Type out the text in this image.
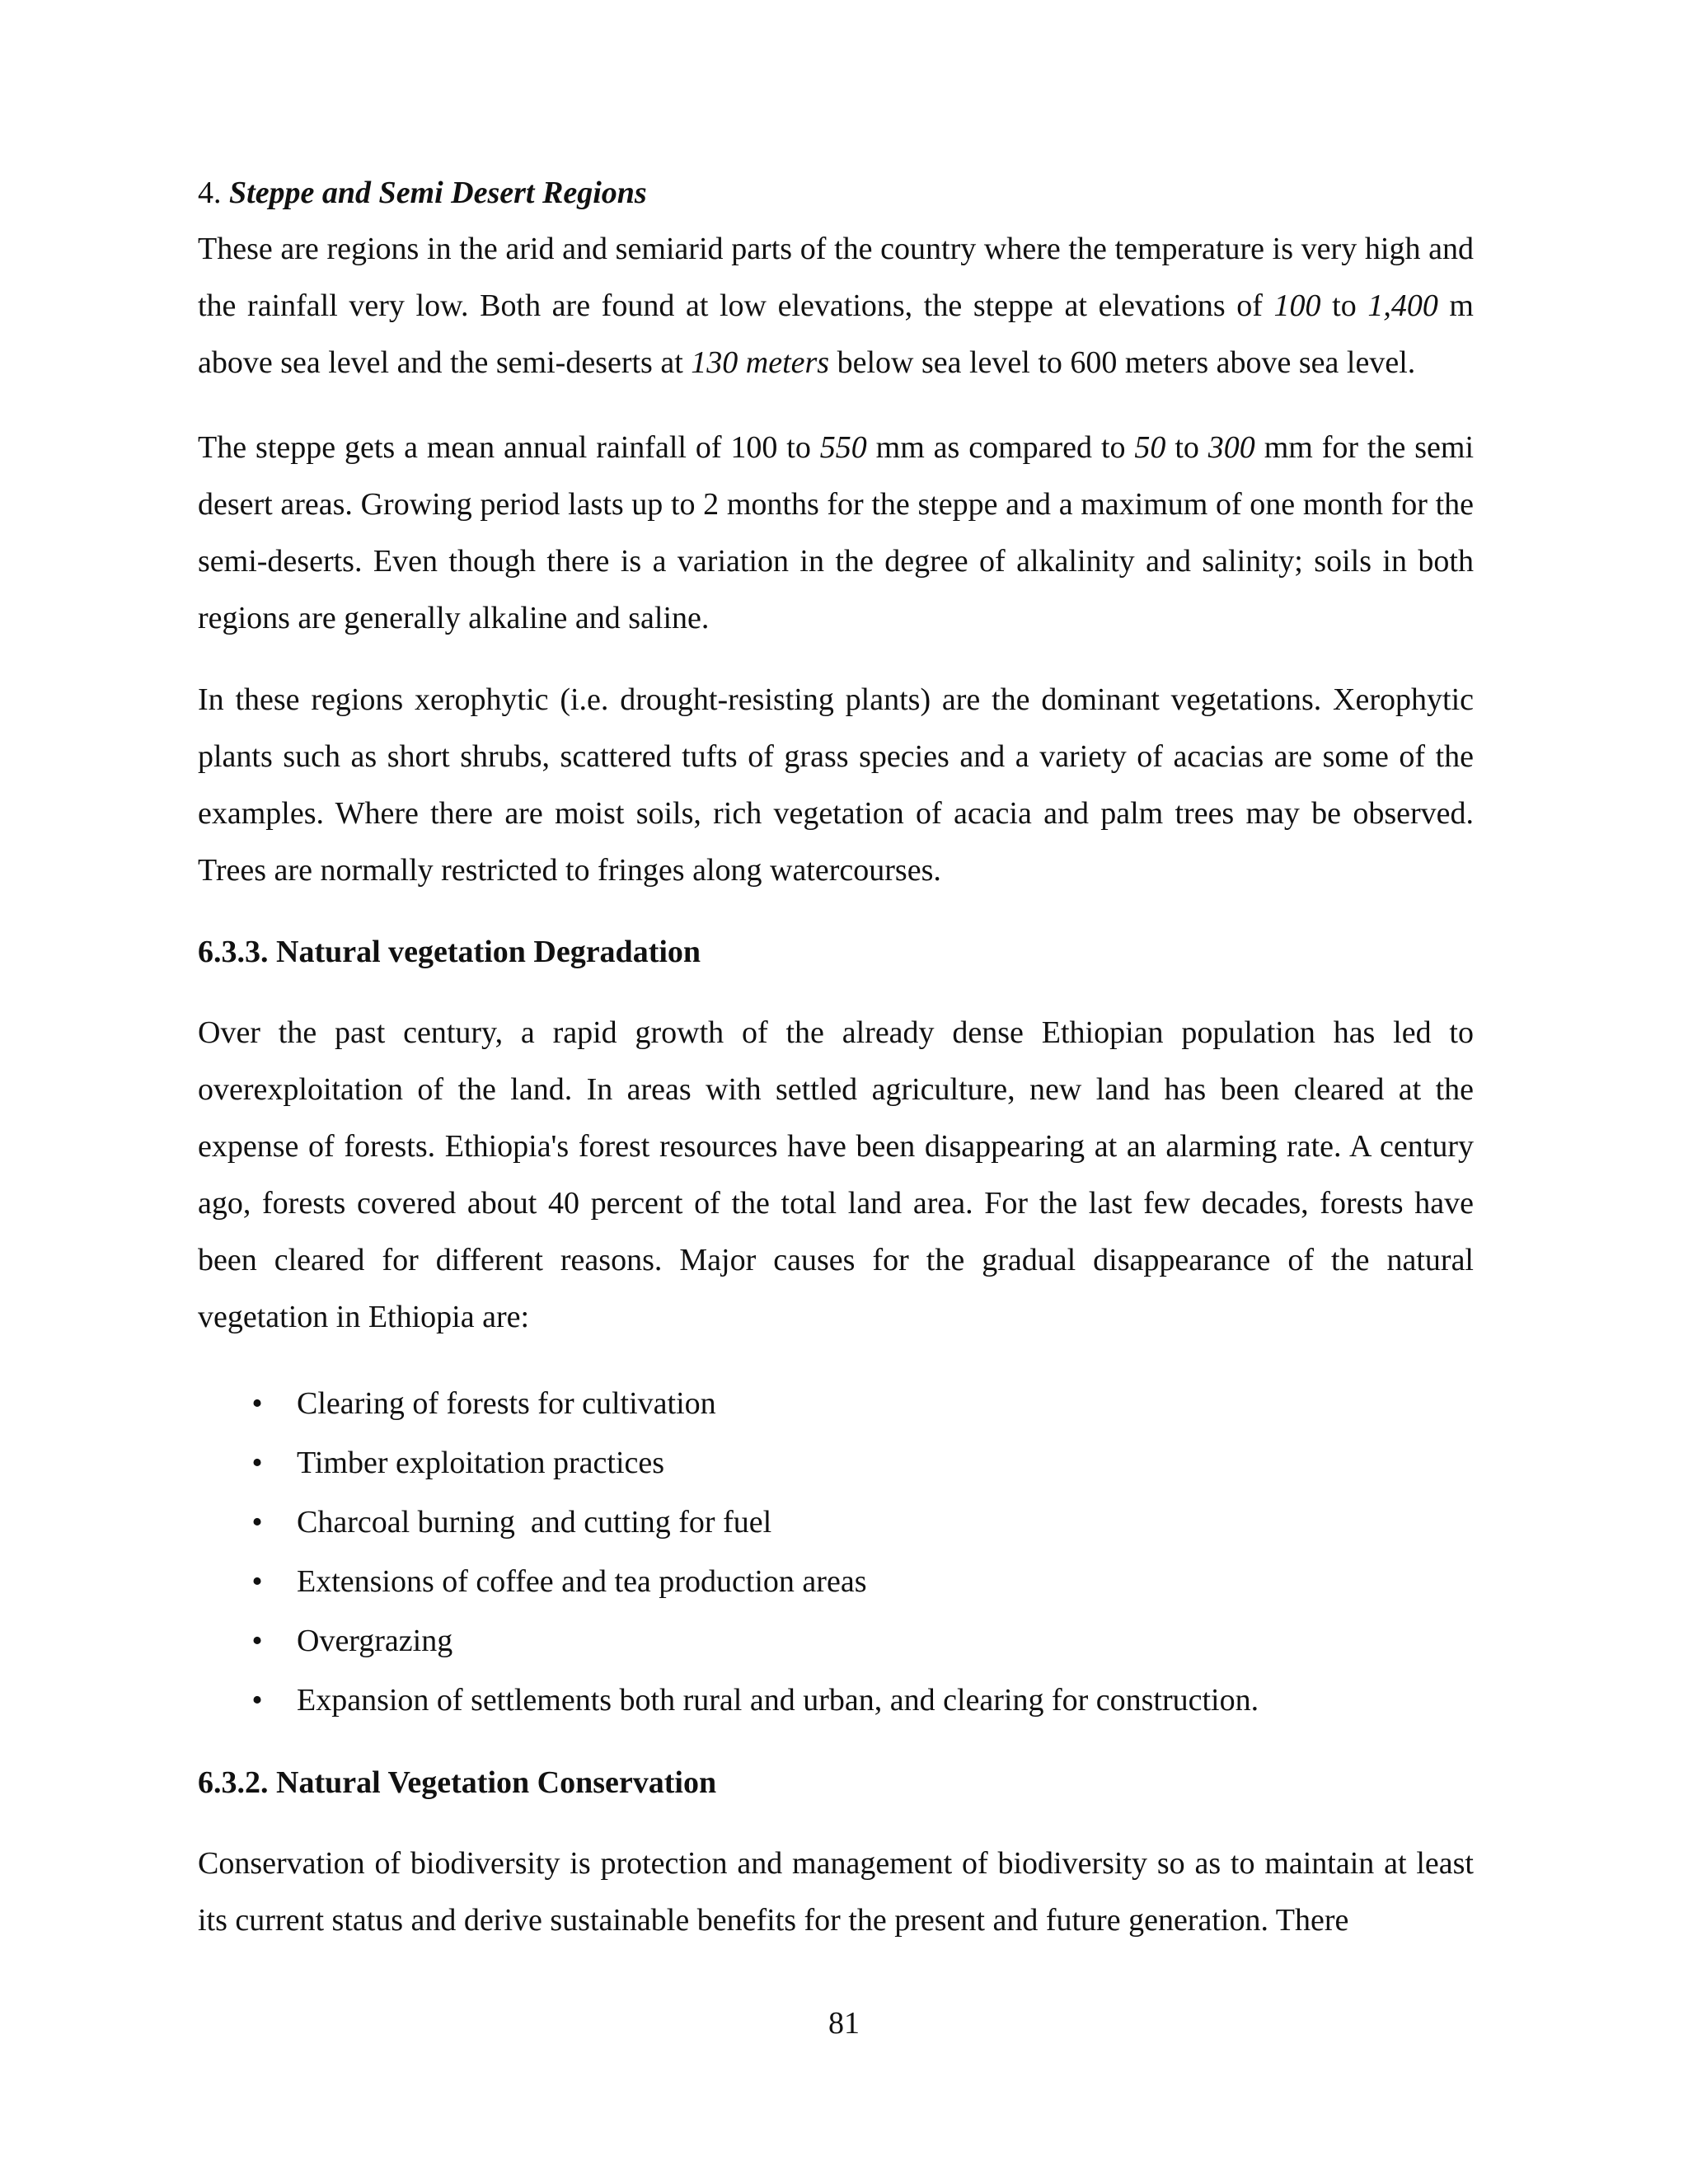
4. Steppe and Semi Desert Regions

These are regions in the arid and semiarid parts of the country where the temperature is very high and the rainfall very low. Both are found at low elevations, the steppe at elevations of 100 to 1,400 m above sea level and the semi-deserts at 130 meters below sea level to 600 meters above sea level.

The steppe gets a mean annual rainfall of 100 to 550 mm as compared to 50 to 300 mm for the semi desert areas. Growing period lasts up to 2 months for the steppe and a maximum of one month for the semi-deserts. Even though there is a variation in the degree of alkalinity and salinity; soils in both regions are generally alkaline and saline.

In these regions xerophytic (i.e. drought-resisting plants) are the dominant vegetations. Xerophytic plants such as short shrubs, scattered tufts of grass species and a variety of acacias are some of the examples. Where there are moist soils, rich vegetation of acacia and palm trees may be observed. Trees are normally restricted to fringes along watercourses.

6.3.3. Natural vegetation Degradation

Over the past century, a rapid growth of the already dense Ethiopian population has led to overexploitation of the land. In areas with settled agriculture, new land has been cleared at the expense of forests. Ethiopia's forest resources have been disappearing at an alarming rate. A century ago, forests covered about 40 percent of the total land area. For the last few decades, forests have been cleared for different reasons. Major causes for the gradual disappearance of the natural vegetation in Ethiopia are:

• Clearing of forests for cultivation
• Timber exploitation practices
• Charcoal burning  and cutting for fuel
• Extensions of coffee and tea production areas
• Overgrazing
• Expansion of settlements both rural and urban, and clearing for construction.
6.3.2. Natural Vegetation Conservation

Conservation of biodiversity is protection and management of biodiversity so as to maintain at least its current status and derive sustainable benefits for the present and future generation. There

81
